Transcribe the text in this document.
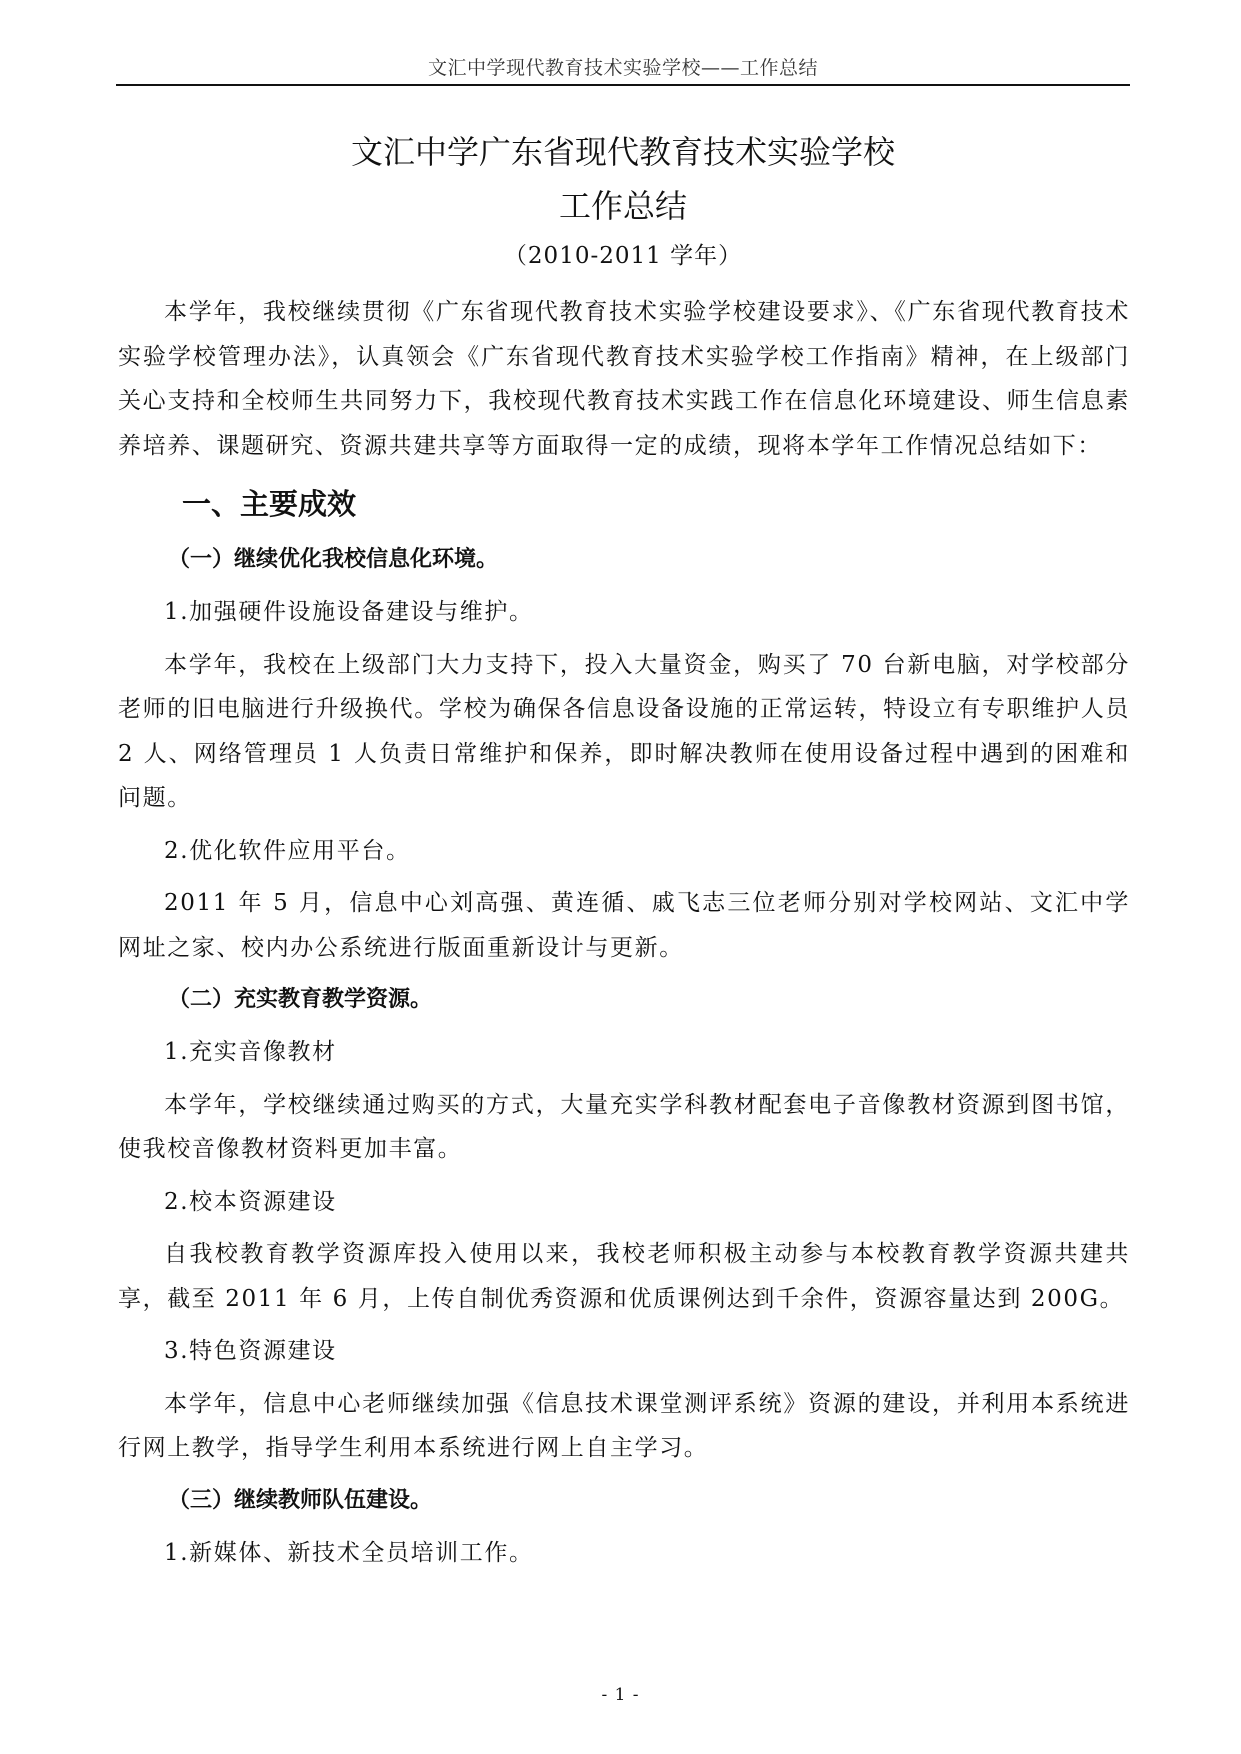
文汇中学现代教育技术实验学校——工作总结
文汇中学广东省现代教育技术实验学校
工作总结
（2010-2011 学年）

本学年，我校继续贯彻《广东省现代教育技术实验学校建设要求》、《广东省现代教育技术实验学校管理办法》，认真领会《广东省现代教育技术实验学校工作指南》精神，在上级部门关心支持和全校师生共同努力下，我校现代教育技术实践工作在信息化环境建设、师生信息素养培养、课题研究、资源共建共享等方面取得一定的成绩，现将本学年工作情况总结如下：

一、主要成效
（一）继续优化我校信息化环境。

1.加强硬件设施设备建设与维护。

本学年，我校在上级部门大力支持下，投入大量资金，购买了 70 台新电脑，对学校部分老师的旧电脑进行升级换代。学校为确保各信息设备设施的正常运转，特设立有专职维护人员 2 人、网络管理员 1 人负责日常维护和保养，即时解决教师在使用设备过程中遇到的困难和问题。

2.优化软件应用平台。

2011 年 5 月，信息中心刘高强、黄连循、戚飞志三位老师分别对学校网站、文汇中学网址之家、校内办公系统进行版面重新设计与更新。

（二）充实教育教学资源。

1.充实音像教材

本学年，学校继续通过购买的方式，大量充实学科教材配套电子音像教材资源到图书馆，使我校音像教材资料更加丰富。

2.校本资源建设

自我校教育教学资源库投入使用以来，我校老师积极主动参与本校教育教学资源共建共享，截至 2011 年 6 月，上传自制优秀资源和优质课例达到千余件，资源容量达到 200G。

3.特色资源建设

本学年，信息中心老师继续加强《信息技术课堂测评系统》资源的建设，并利用本系统进行网上教学，指导学生利用本系统进行网上自主学习。

（三）继续教师队伍建设。

1.新媒体、新技术全员培训工作。

- 1 -
